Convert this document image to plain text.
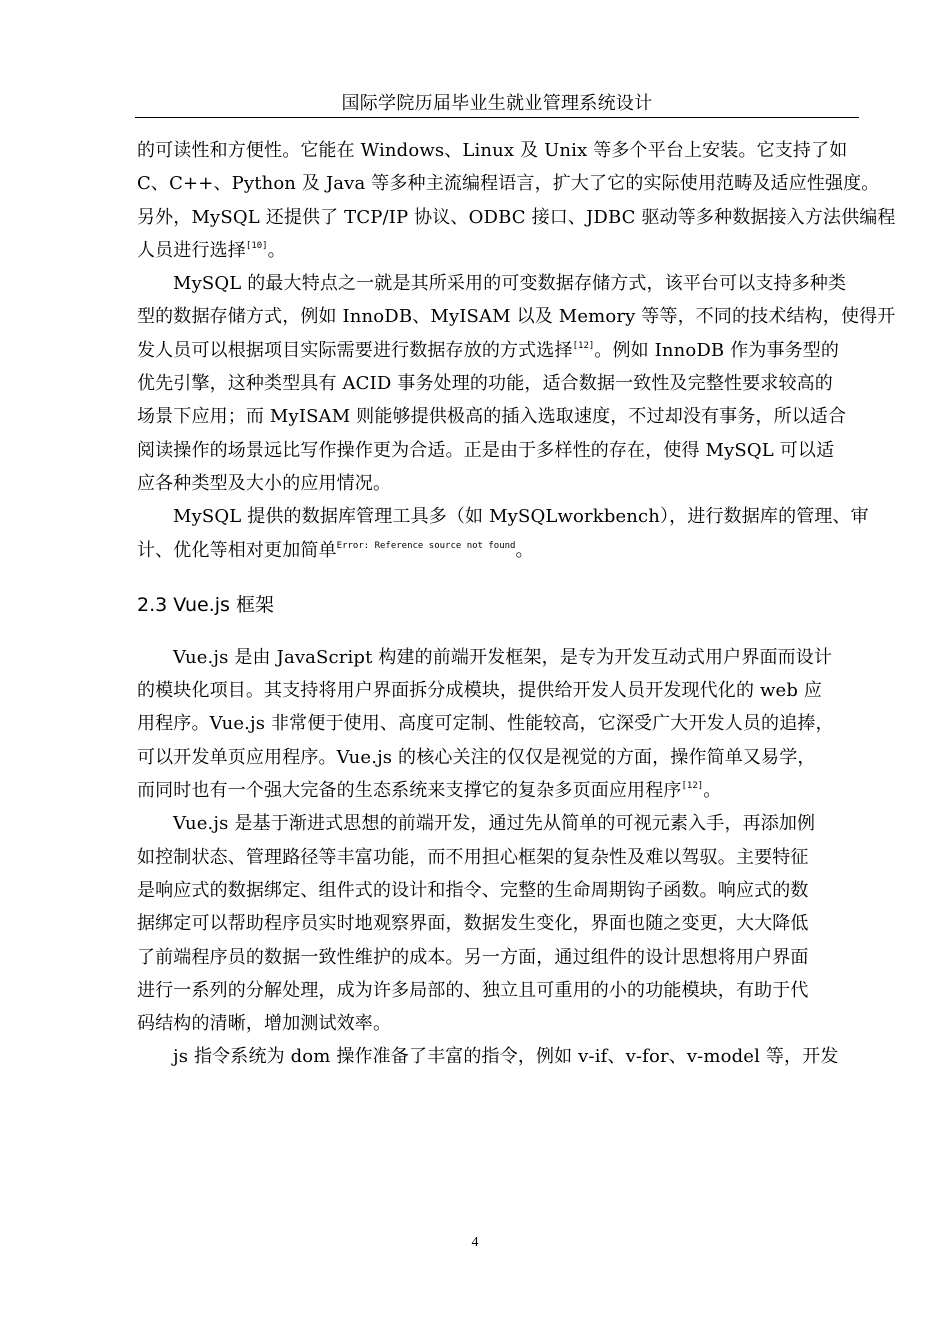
国际学院历届毕业生就业管理系统设计
的可读性和方便性。它能在 Windows、Linux 及 Unix 等多个平台上安装。它支持了如
C、C++、Python 及 Java 等多种主流编程语言，扩大了它的实际使用范畴及适应性强度。
另外，MySQL 还提供了 TCP/IP 协议、ODBC 接口、JDBC 驱动等多种数据接入方法供编程
人员进行选择[10]。
MySQL 的最大特点之一就是其所采用的可变数据存储方式，该平台可以支持多种类
型的数据存储方式，例如 InnoDB、MyISAM 以及 Memory 等等，不同的技术结构，使得开
发人员可以根据项目实际需要进行数据存放的方式选择[12]。例如 InnoDB 作为事务型的
优先引擎，这种类型具有 ACID 事务处理的功能，适合数据一致性及完整性要求较高的
场景下应用；而 MyISAM 则能够提供极高的插入选取速度，不过却没有事务，所以适合
阅读操作的场景远比写作操作更为合适。正是由于多样性的存在，使得 MySQL 可以适
应各种类型及大小的应用情况。
MySQL 提供的数据库管理工具多（如 MySQLworkbench），进行数据库的管理、审
计、优化等相对更加简单$^{Error: Reference source not found}$。
2.3 Vue.js 框架
Vue.js 是由 JavaScript 构建的前端开发框架，是专为开发互动式用户界面而设计
的模块化项目。其支持将用户界面拆分成模块，提供给开发人员开发现代化的 web 应
用程序。Vue.js 非常便于使用、高度可定制、性能较高，它深受广大开发人员的追捧，
可以开发单页应用程序。Vue.js 的核心关注的仅仅是视觉的方面，操作简单又易学，
而同时也有一个强大完备的生态系统来支撑它的复杂多页面应用程序[12]。
Vue.js 是基于渐进式思想的前端开发，通过先从简单的可视元素入手，再添加例
如控制状态、管理路径等丰富功能，而不用担心框架的复杂性及难以驾驭。主要特征
是响应式的数据绑定、组件式的设计和指令、完整的生命周期钩子函数。响应式的数
据绑定可以帮助程序员实时地观察界面，数据发生变化，界面也随之变更，大大降低
了前端程序员的数据一致性维护的成本。另一方面，通过组件的设计思想将用户界面
进行一系列的分解处理，成为许多局部的、独立且可重用的小的功能模块，有助于代
码结构的清晰，增加测试效率。
js 指令系统为 dom 操作准备了丰富的指令，例如 v-if、v-for、v-model 等，开发
4
